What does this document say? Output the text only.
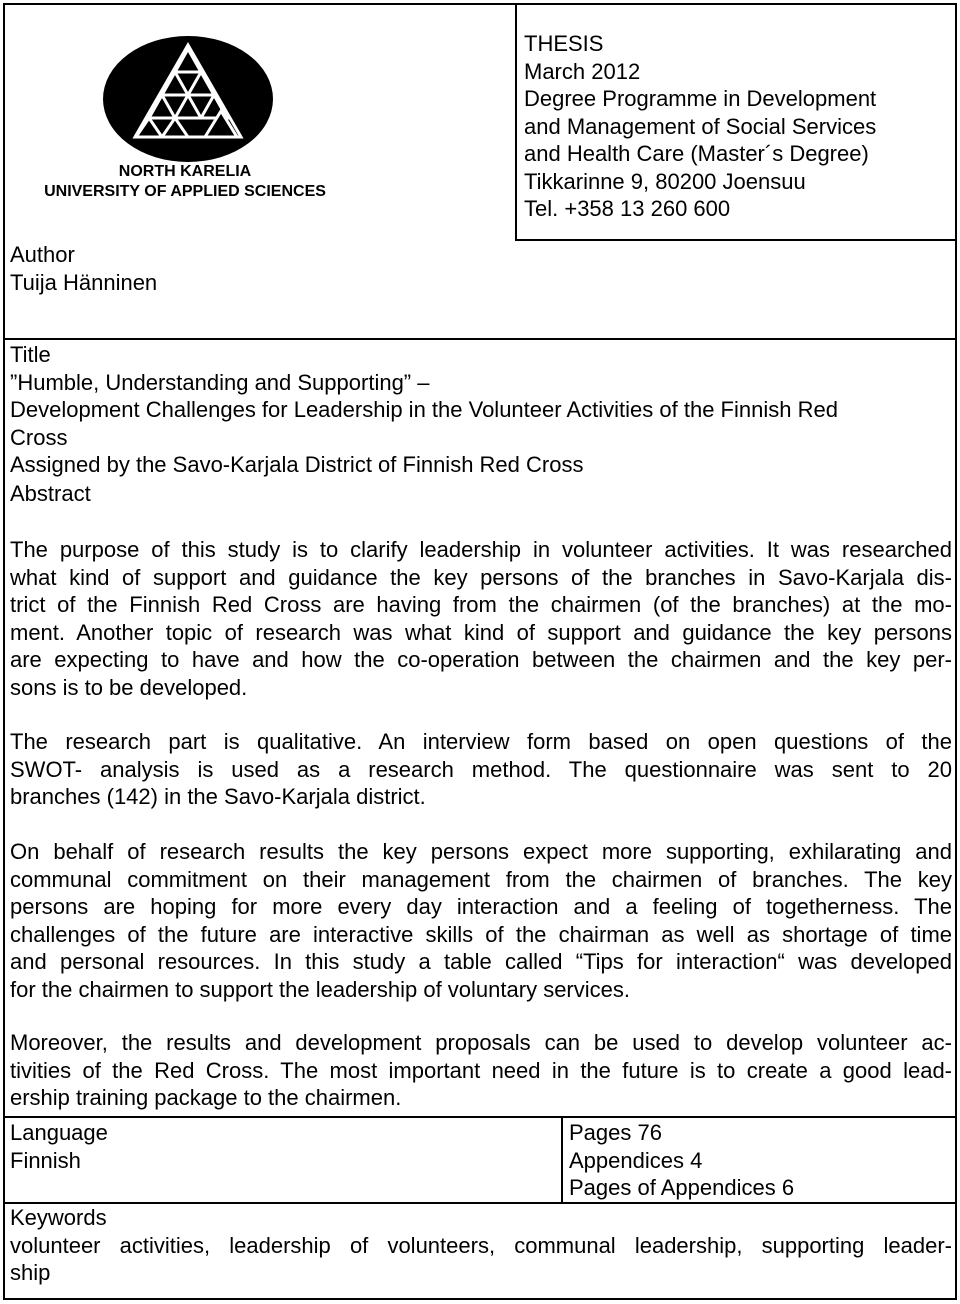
NORTH KARELIA
UNIVERSITY OF APPLIED SCIENCES
THESIS
March 2012
Degree Programme in Development
and Management of Social Services
and Health Care (Master´s Degree)
Tikkarinne 9, 80200 Joensuu
Tel. +358 13 260 600
Author
Tuija Hänninen
Title
”Humble, Understanding and Supporting” –
Development Challenges for Leadership in the Volunteer Activities of the Finnish Red
Cross
Assigned by the Savo-Karjala District of Finnish Red Cross
Abstract
The purpose of this study is to clarify leadership in volunteer activities. It was researched
what kind of support and guidance the key persons of the branches in Savo-Karjala dis-
trict of the Finnish Red Cross are having from the chairmen (of the branches) at the mo-
ment. Another topic of research was what kind of support and guidance the key persons
are expecting to have and how the co-operation between the chairmen and the key per-
sons is to be developed.
The research part is qualitative. An interview form based on open questions of the
SWOT- analysis is used as a research method. The questionnaire was sent to 20
branches (142) in the Savo-Karjala district.
On behalf of research results the key persons expect more supporting, exhilarating and
communal commitment on their management from the chairmen of branches. The key
persons are hoping for more every day interaction and a feeling of togetherness. The
challenges of the future are interactive skills of the chairman as well as shortage of time
and personal resources. In this study a table called “Tips for interaction“ was developed
for the chairmen to support the leadership of voluntary services.
Moreover, the results and development proposals can be used to develop volunteer ac-
tivities of the Red Cross. The most important need in the future is to create a good lead-
ership training package to the chairmen.
Language
Finnish
Pages 76
Appendices 4
Pages of Appendices 6
Keywords
volunteer activities, leadership of volunteers, communal leadership, supporting leader-
ship
